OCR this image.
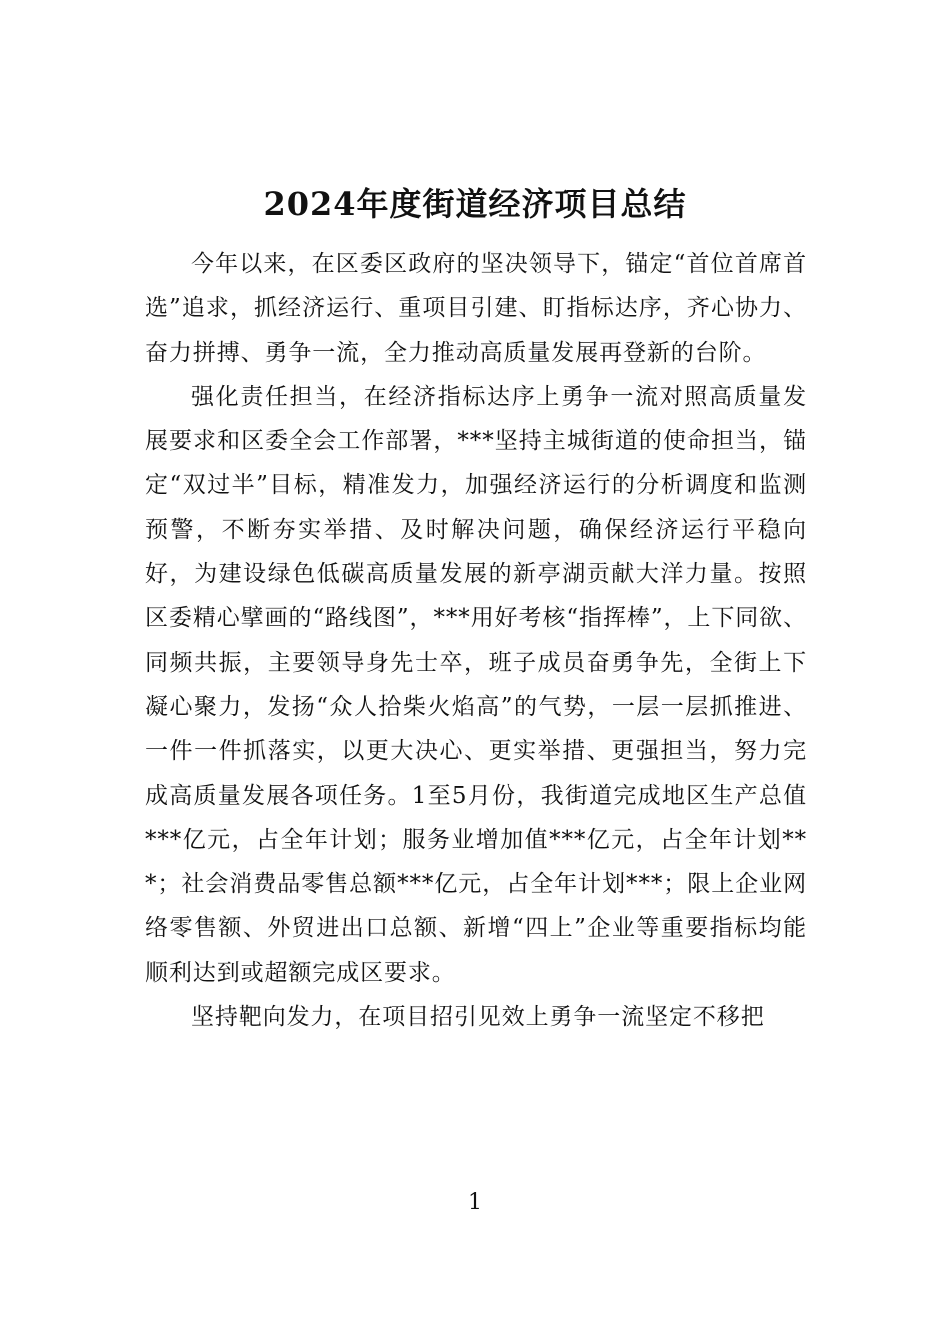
2024年度街道经济项目总结

今年以来，在区委区政府的坚决领导下，锚定“首位首席首选”追求，抓经济运行、重项目引建、盯指标达序，齐心协力、奋力拼搏、勇争一流，全力推动高质量发展再登新的台阶。

强化责任担当，在经济指标达序上勇争一流对照高质量发展要求和区委全会工作部署，***坚持主城街道的使命担当，锚定“双过半”目标，精准发力，加强经济运行的分析调度和监测预警，不断夯实举措、及时解决问题，确保经济运行平稳向好，为建设绿色低碳高质量发展的新亭湖贡献大洋力量。按照区委精心擘画的“路线图”，***用好考核“指挥棒”，上下同欲、同频共振，主要领导身先士卒，班子成员奋勇争先，全街上下凝心聚力，发扬“众人拾柴火焰高”的气势，一层一层抓推进、一件一件抓落实，以更大决心、更实举措、更强担当，努力完成高质量发展各项任务。1至5月份，我街道完成地区生产总值***亿元，占全年计划；服务业增加值***亿元，占全年计划***；社会消费品零售总额***亿元，占全年计划***；限上企业网络零售额、外贸进出口总额、新增“四上”企业等重要指标均能顺利达到或超额完成区要求。

坚持靶向发力，在项目招引见效上勇争一流坚定不移把

1
